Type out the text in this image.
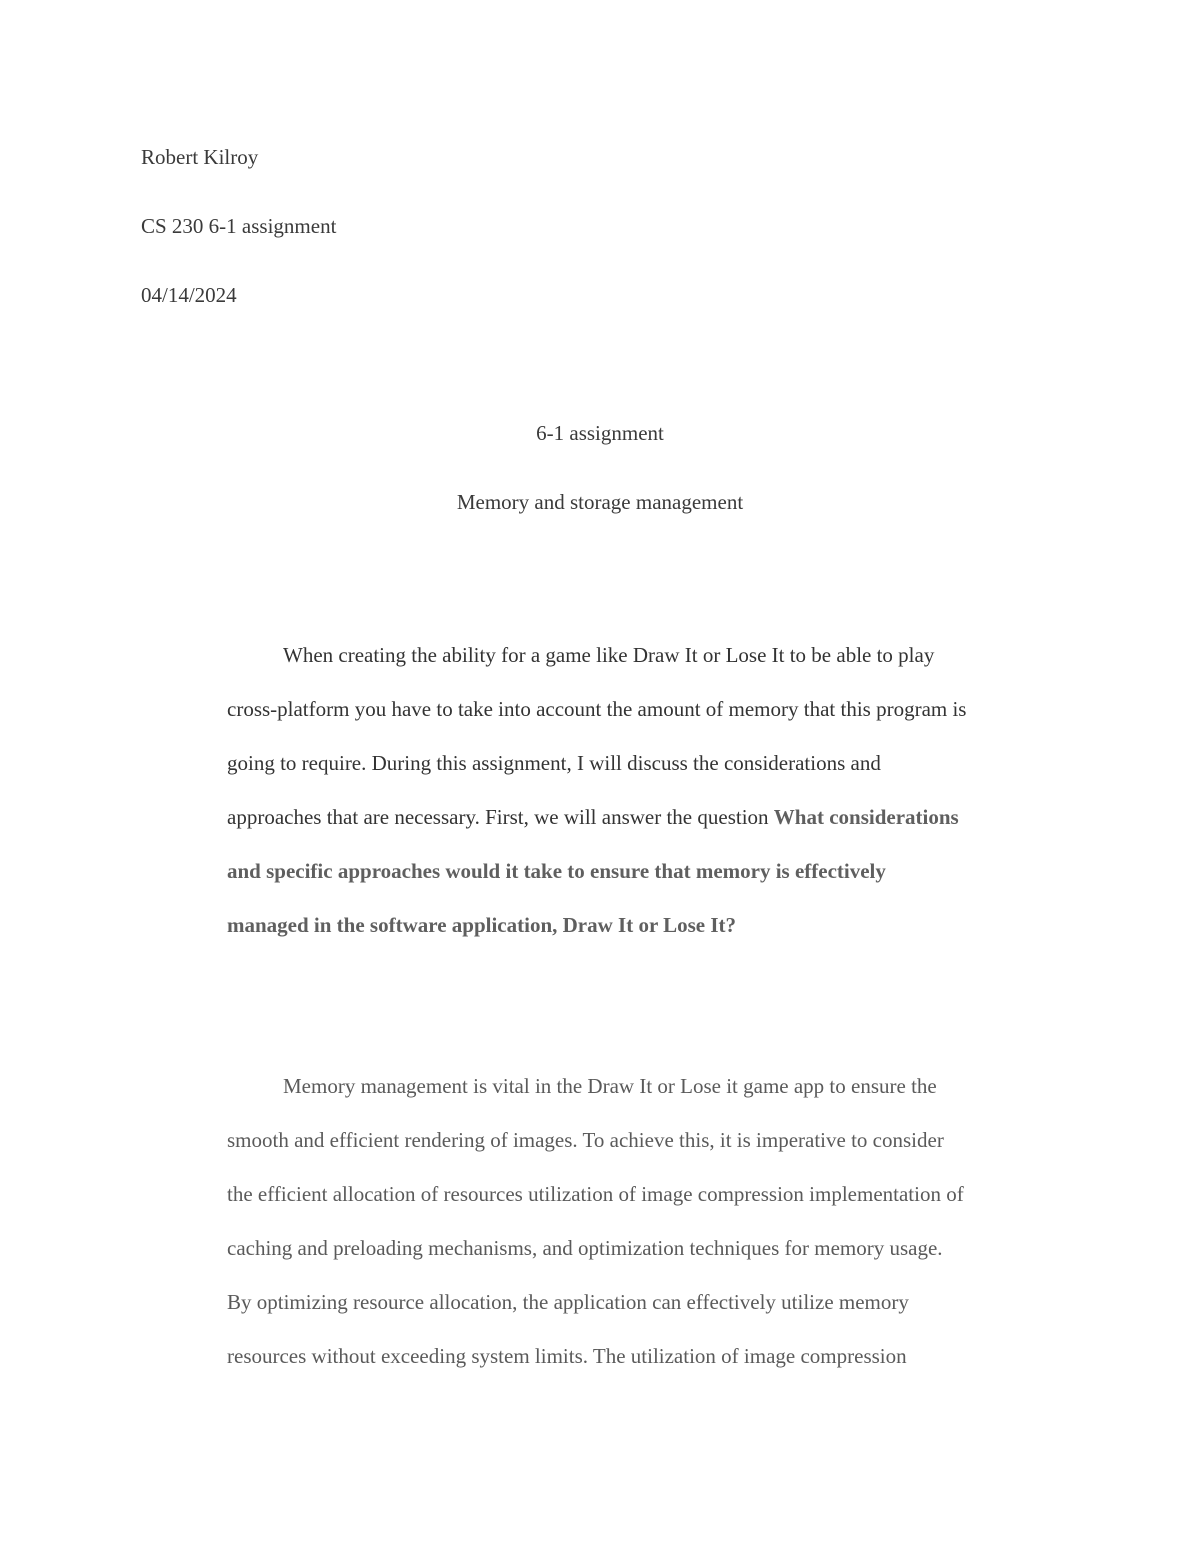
Robert Kilroy
CS 230 6-1 assignment
04/14/2024
6-1 assignment
Memory and storage management
When creating the ability for a game like Draw It or Lose It to be able to play
cross-platform you have to take into account the amount of memory that this program is
going to require. During this assignment, I will discuss the considerations and
approaches that are necessary. First, we will answer the question What considerations
and specific approaches would it take to ensure that memory is effectively
managed in the software application, Draw It or Lose It?
Memory management is vital in the Draw It or Lose it game app to ensure the
smooth and efficient rendering of images. To achieve this, it is imperative to consider
the efficient allocation of resources utilization of image compression implementation of
caching and preloading mechanisms, and optimization techniques for memory usage.
By optimizing resource allocation, the application can effectively utilize memory
resources without exceeding system limits. The utilization of image compression
